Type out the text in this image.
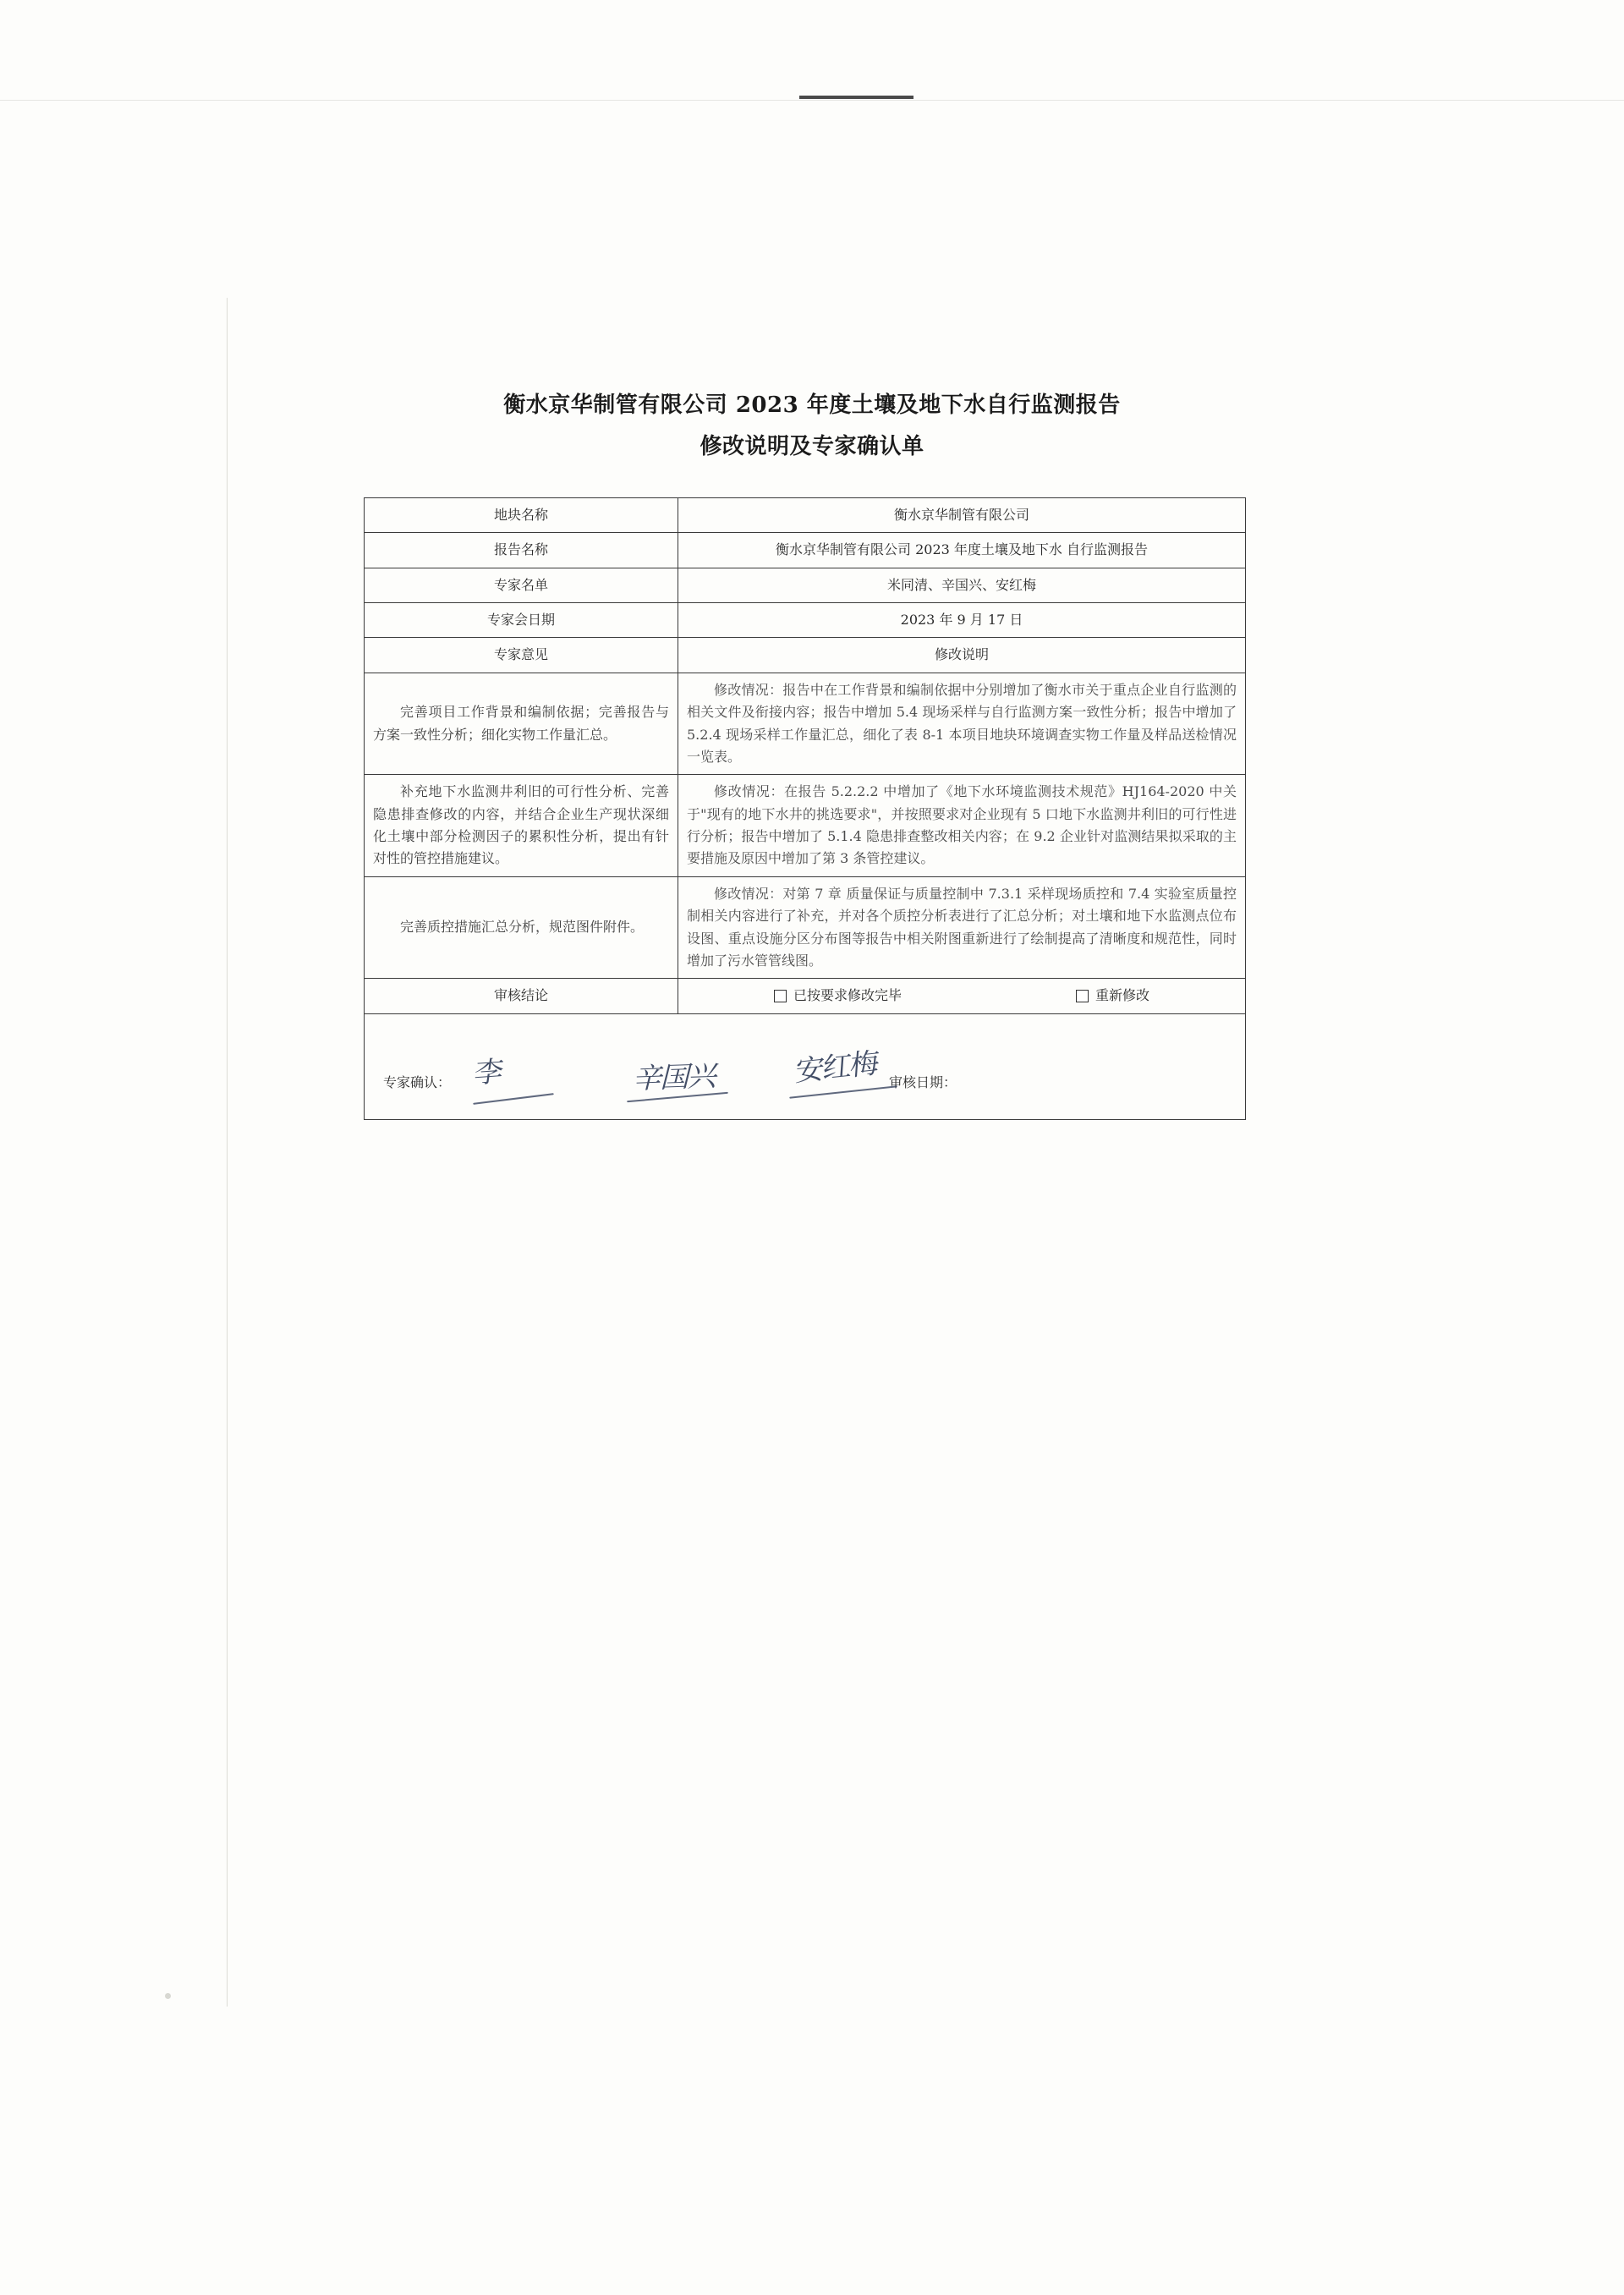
衡水京华制管有限公司 2023 年度土壤及地下水自行监测报告
修改说明及专家确认单
地块名称	衡水京华制管有限公司
报告名称	衡水京华制管有限公司 2023 年度土壤及地下水 自行监测报告
专家名单	米同清、辛国兴、安红梅
专家会日期	2023 年 9 月 17 日
专家意见	修改说明
完善项目工作背景和编制依据；完善报告与方案一致性分析；细化实物工作量汇总。	修改情况：报告中在工作背景和编制依据中分别增加了衡水市关于重点企业自行监测的相关文件及衔接内容；报告中增加 5.4 现场采样与自行监测方案一致性分析；报告中增加了 5.2.4 现场采样工作量汇总，细化了表 8-1 本项目地块环境调查实物工作量及样品送检情况一览表。
补充地下水监测井利旧的可行性分析、完善隐患排查修改的内容，并结合企业生产现状深细化土壤中部分检测因子的累积性分析，提出有针对性的管控措施建议。	修改情况：在报告 5.2.2.2 中增加了《地下水环境监测技术规范》HJ164-2020 中关于"现有的地下水井的挑选要求"，并按照要求对企业现有 5 口地下水监测井利旧的可行性进行分析；报告中增加了 5.1.4 隐患排查整改相关内容；在 9.2 企业针对监测结果拟采取的主要措施及原因中增加了第 3 条管控建议。
完善质控措施汇总分析，规范图件附件。	修改情况：对第 7 章 质量保证与质量控制中 7.3.1 采样现场质控和 7.4 实验室质量控制相关内容进行了补充，并对各个质控分析表进行了汇总分析；对土壤和地下水监测点位布设图、重点设施分区分布图等报告中相关附图重新进行了绘制提高了清晰度和规范性，同时增加了污水管管线图。
审核结论	已按要求修改完毕 重新修改

专家确认： 审核日期：
李 辛国兴 安红梅	
